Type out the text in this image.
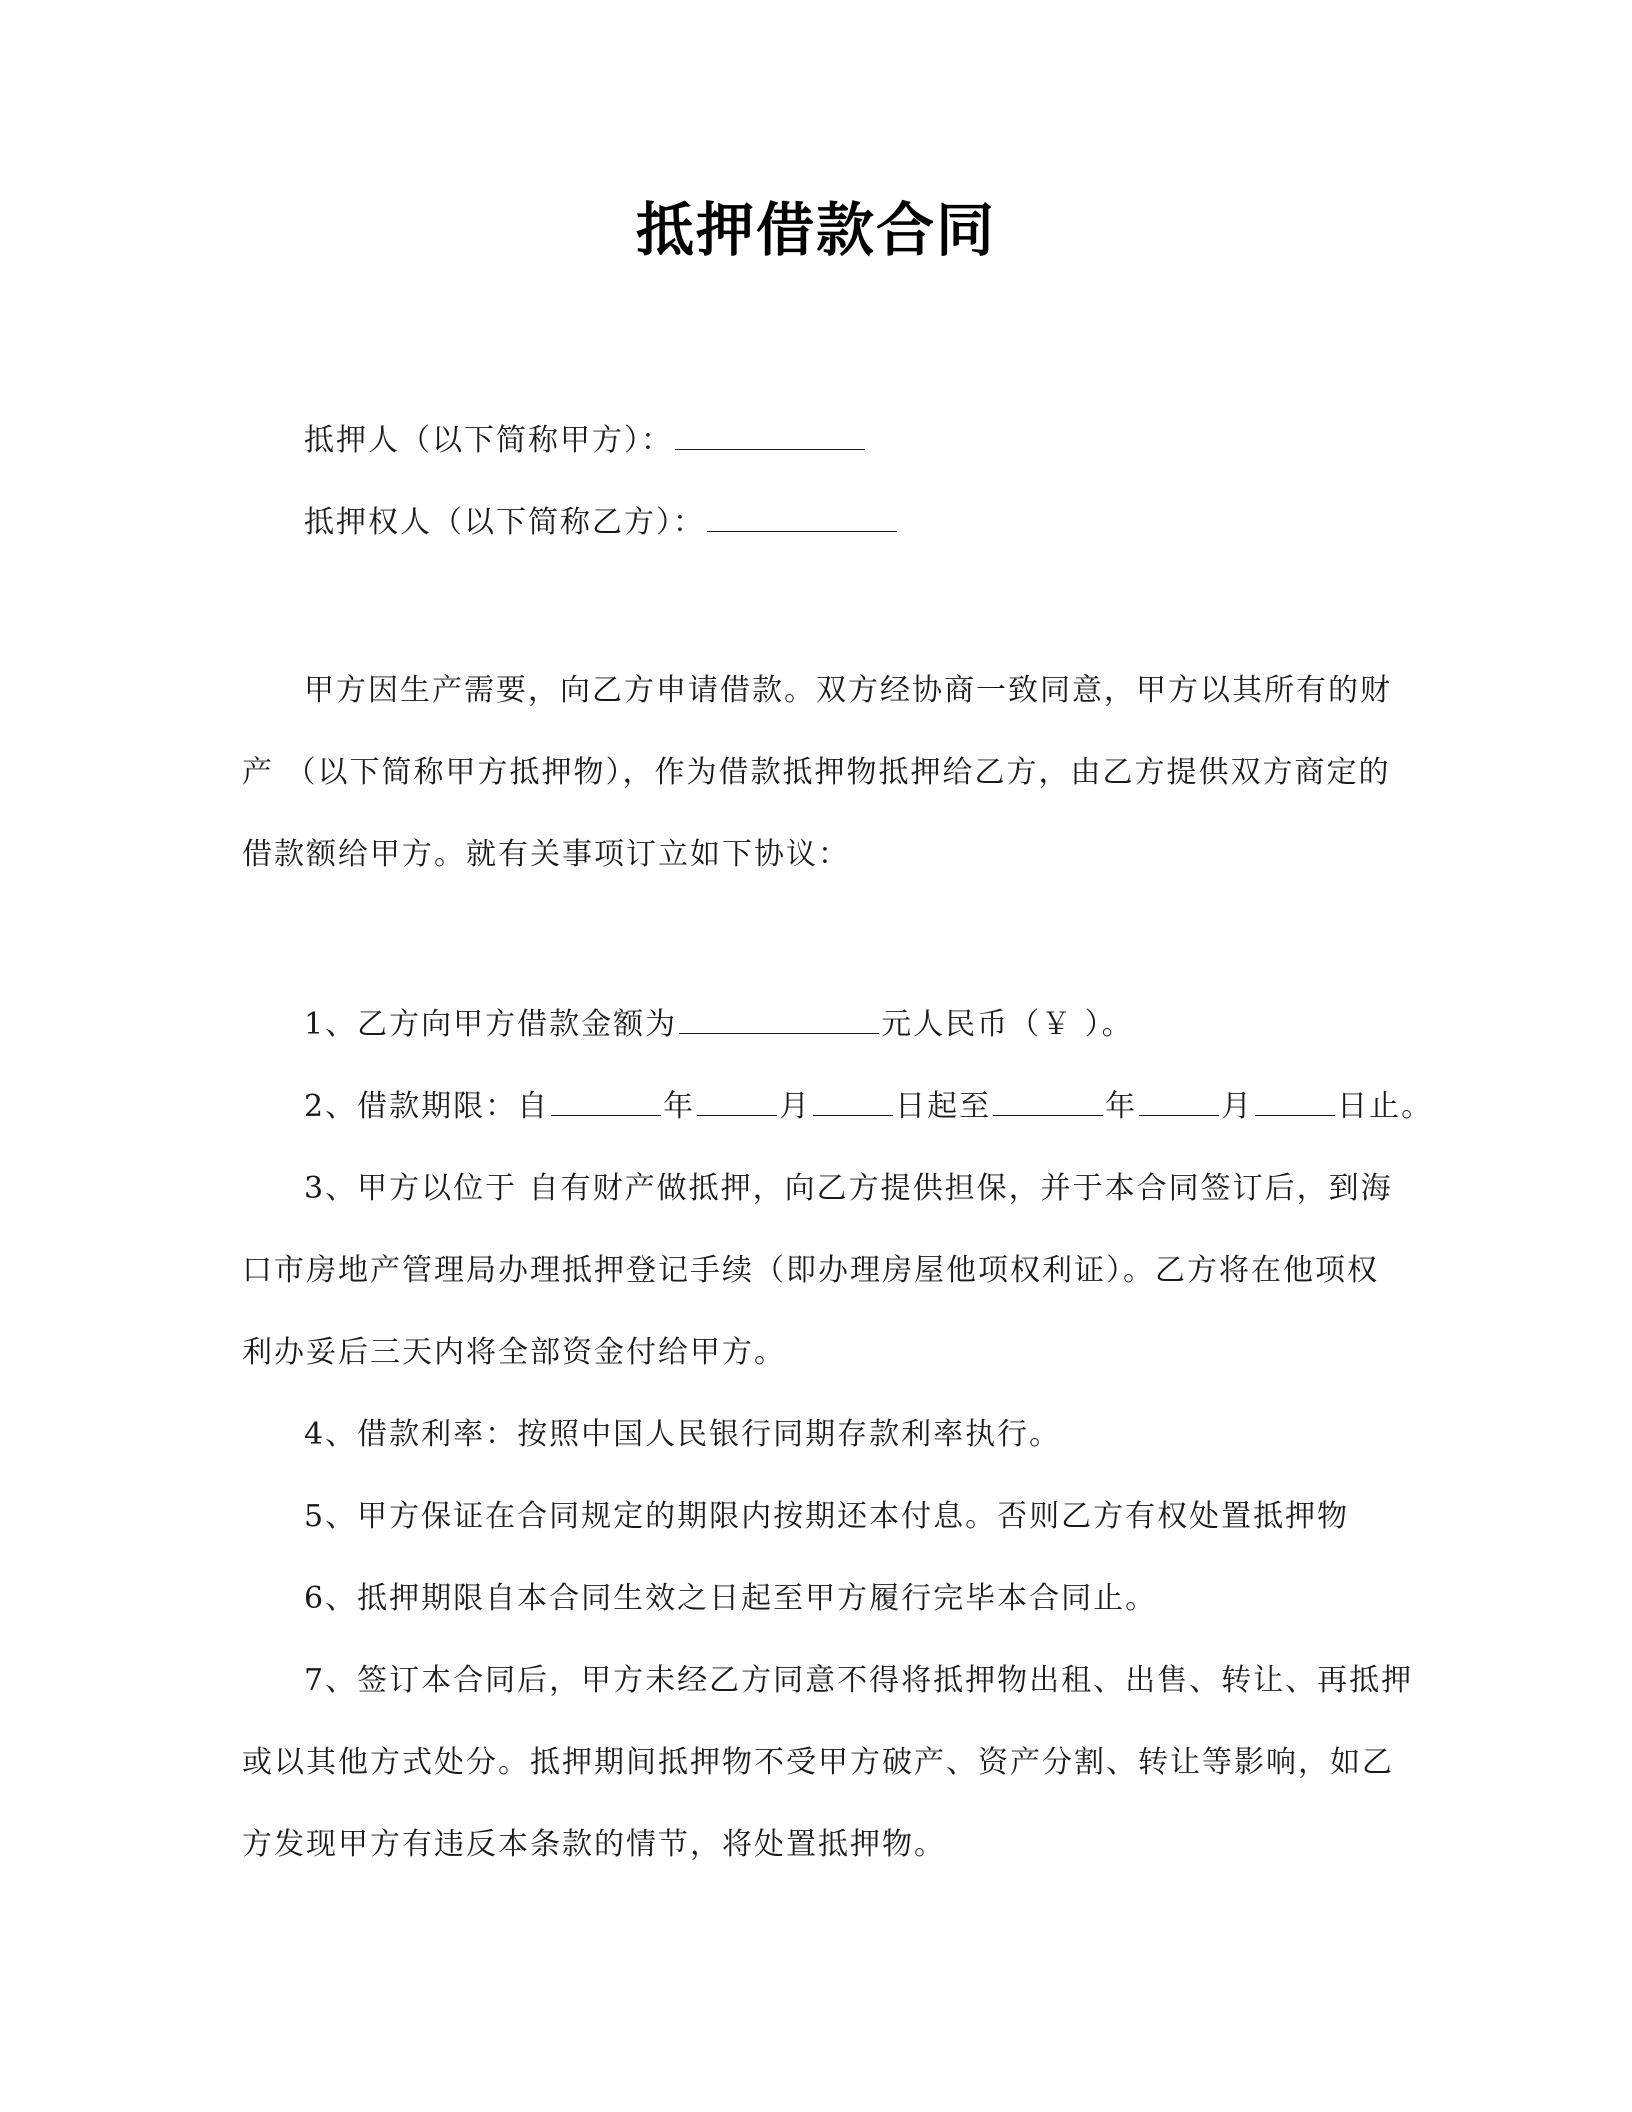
抵押借款合同
抵押人（以下简称甲方）：
抵押权人（以下简称乙方）：
甲方因生产需要，向乙方申请借款。双方经协商一致同意，甲方以其所有的财
产 （以下简称甲方抵押物），作为借款抵押物抵押给乙方，由乙方提供双方商定的
借款额给甲方。就有关事项订立如下协议：
1、乙方向甲方借款金额为	元人民币（￥ ）。
2、借款期限：自	年	月	日起至	年	月	日止。
3、甲方以位于 自有财产做抵押，向乙方提供担保，并于本合同签订后，到海
口市房地产管理局办理抵押登记手续（即办理房屋他项权利证）。乙方将在他项权
利办妥后三天内将全部资金付给甲方。
4、借款利率：按照中国人民银行同期存款利率执行。
5、甲方保证在合同规定的期限内按期还本付息。否则乙方有权处置抵押物
6、抵押期限自本合同生效之日起至甲方履行完毕本合同止。
7、签订本合同后，甲方未经乙方同意不得将抵押物出租、出售、转让、再抵押
或以其他方式处分。抵押期间抵押物不受甲方破产、资产分割、转让等影响，如乙
方发现甲方有违反本条款的情节，将处置抵押物。
